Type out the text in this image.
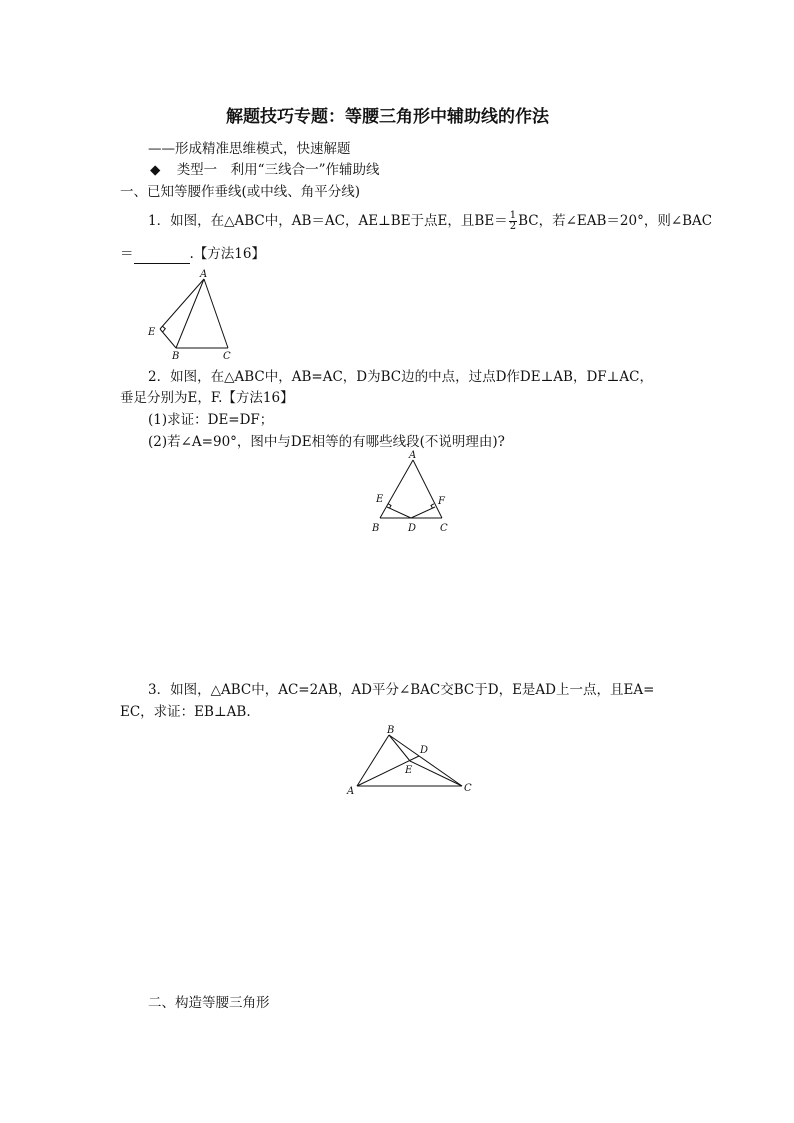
解题技巧专题：等腰三角形中辅助线的作法
——形成精准思维模式，快速解题
◆ 类型一　利用“三线合一”作辅助线
一、已知等腰作垂线(或中线、角平分线)
1．如图，在△ABC中，AB＝AC，AE⊥BE于点E，且$BE= \frac{1}{2}$ BC，若∠EAB＝20°，则∠BAC
＝	.【方法16】
A
E
B	C
2．如图，在△ABC中，AB=AC，D为BC边的中点，过点D作DE⊥AB，DF⊥AC，
垂足分别为E，F.【方法16】
(1)求证：DE=DF；
(2)若∠A=90°，图中与DE相等的有哪些线段(不说明理由)?
A
E	F
B	D C
3．如图，△ABC中，AC=2AB，AD平分∠BAC交BC于D，E是AD上一点，且EA=
EC，求证：EB⊥AB.
B
D
E
A	C
二、构造等腰三角形
